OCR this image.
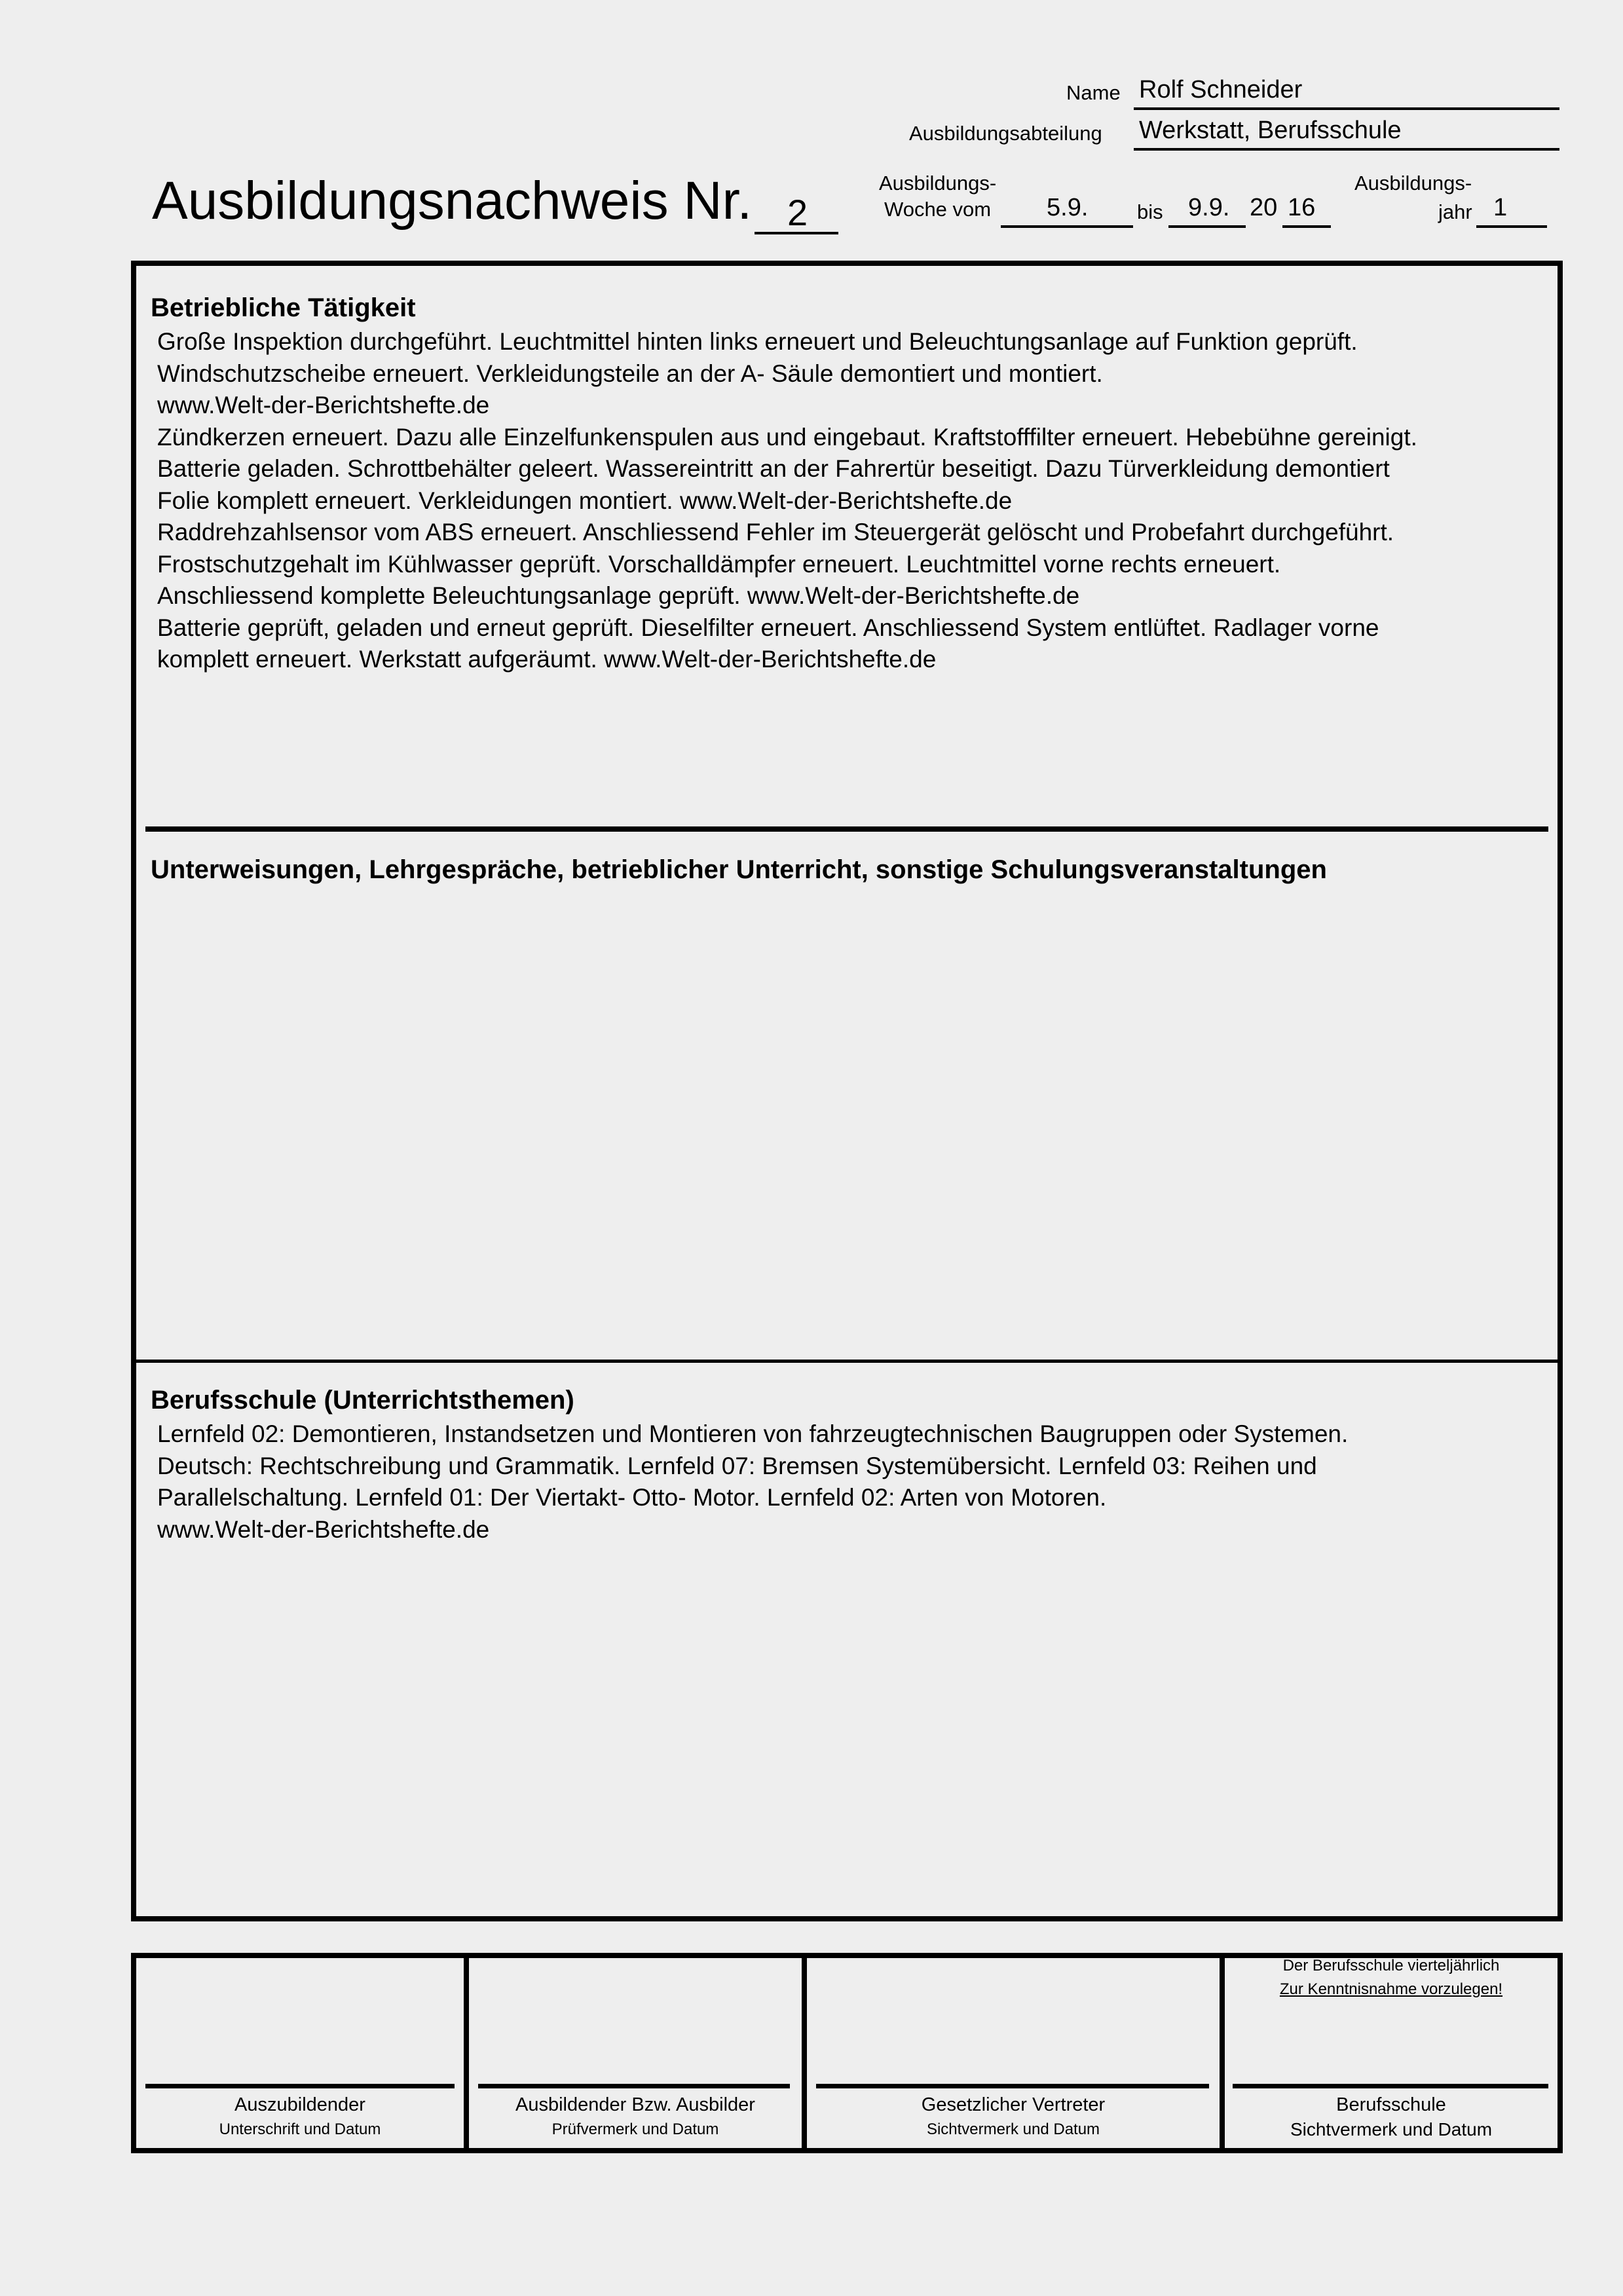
Name Rolf Schneider
Ausbildungsabteilung Werkstatt, Berufsschule
Ausbildungsnachweis Nr. 2
Ausbildungs-
Woche vom 5.9. bis 9.9. 20 16
Ausbildungs-
jahr 1
Betriebliche Tätigkeit
Große Inspektion durchgeführt. Leuchtmittel hinten links erneuert und Beleuchtungsanlage auf Funktion geprüft.
Windschutzscheibe erneuert. Verkleidungsteile an der A- Säule demontiert und montiert.
www.Welt-der-Berichtshefte.de
Zündkerzen erneuert. Dazu alle Einzelfunkenspulen aus und eingebaut. Kraftstofffilter erneuert. Hebebühne gereinigt.
Batterie geladen. Schrottbehälter geleert. Wassereintritt an der Fahrertür beseitigt. Dazu Türverkleidung demontiert
Folie komplett erneuert. Verkleidungen montiert. www.Welt-der-Berichtshefte.de
Raddrehzahlsensor vom ABS erneuert. Anschliessend Fehler im Steuergerät gelöscht und Probefahrt durchgeführt.
Frostschutzgehalt im Kühlwasser geprüft. Vorschalldämpfer erneuert. Leuchtmittel vorne rechts erneuert.
Anschliessend komplette Beleuchtungsanlage geprüft. www.Welt-der-Berichtshefte.de
Batterie geprüft, geladen und erneut geprüft. Dieselfilter erneuert. Anschliessend System entlüftet. Radlager vorne
komplett erneuert. Werkstatt aufgeräumt. www.Welt-der-Berichtshefte.de
Unterweisungen, Lehrgespräche, betrieblicher Unterricht, sonstige Schulungsveranstaltungen
Berufsschule (Unterrichtsthemen)
Lernfeld 02: Demontieren, Instandsetzen und Montieren von fahrzeugtechnischen Baugruppen oder Systemen.
Deutsch: Rechtschreibung und Grammatik. Lernfeld 07: Bremsen Systemübersicht. Lernfeld 03: Reihen und
Parallelschaltung. Lernfeld 01: Der Viertakt- Otto- Motor. Lernfeld 02: Arten von Motoren.
www.Welt-der-Berichtshefte.de
Auszubildender
Unterschrift und Datum
Ausbildender Bzw. Ausbilder
Prüfvermerk und Datum
Gesetzlicher Vertreter
Sichtvermerk und Datum
Der Berufsschule vierteljährlich
Zur Kenntnisnahme vorzulegen!
Berufsschule
Sichtvermerk und Datum
